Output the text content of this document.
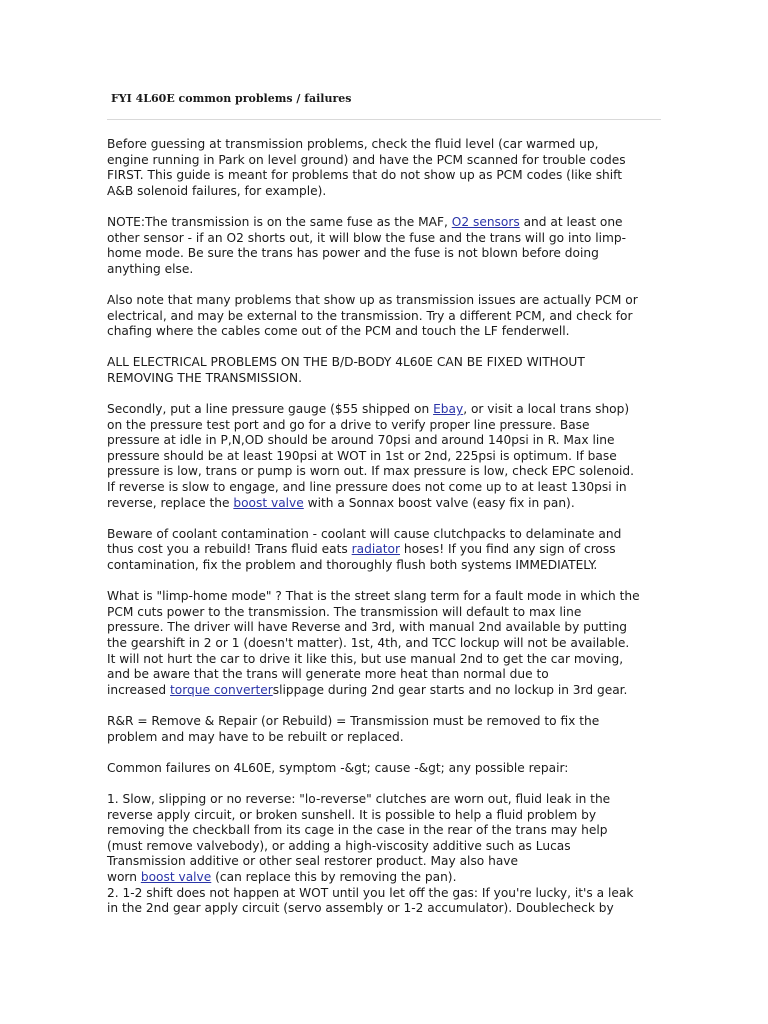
FYI 4L60E common problems / failures

Before guessing at transmission problems, check the fluid level (car warmed up,
engine running in Park on level ground) and have the PCM scanned for trouble codes
FIRST. This guide is meant for problems that do not show up as PCM codes (like shift
A&B solenoid failures, for example).

NOTE:The transmission is on the same fuse as the MAF, O2 sensors and at least one
other sensor - if an O2 shorts out, it will blow the fuse and the trans will go into limp-
home mode. Be sure the trans has power and the fuse is not blown before doing
anything else.

Also note that many problems that show up as transmission issues are actually PCM or
electrical, and may be external to the transmission. Try a different PCM, and check for
chafing where the cables come out of the PCM and touch the LF fenderwell.

ALL ELECTRICAL PROBLEMS ON THE B/D-BODY 4L60E CAN BE FIXED WITHOUT
REMOVING THE TRANSMISSION.

Secondly, put a line pressure gauge ($55 shipped on Ebay, or visit a local trans shop)
on the pressure test port and go for a drive to verify proper line pressure. Base
pressure at idle in P,N,OD should be around 70psi and around 140psi in R. Max line
pressure should be at least 190psi at WOT in 1st or 2nd, 225psi is optimum. If base
pressure is low, trans or pump is worn out. If max pressure is low, check EPC solenoid.
If reverse is slow to engage, and line pressure does not come up to at least 130psi in
reverse, replace the boost valve with a Sonnax boost valve (easy fix in pan).

Beware of coolant contamination - coolant will cause clutchpacks to delaminate and
thus cost you a rebuild! Trans fluid eats radiator hoses! If you find any sign of cross
contamination, fix the problem and thoroughly flush both systems IMMEDIATELY.

What is "limp-home mode" ? That is the street slang term for a fault mode in which the
PCM cuts power to the transmission. The transmission will default to max line
pressure. The driver will have Reverse and 3rd, with manual 2nd available by putting
the gearshift in 2 or 1 (doesn't matter). 1st, 4th, and TCC lockup will not be available.
It will not hurt the car to drive it like this, but use manual 2nd to get the car moving,
and be aware that the trans will generate more heat than normal due to
increased torque converterslippage during 2nd gear starts and no lockup in 3rd gear.

R&R = Remove & Repair (or Rebuild) = Transmission must be removed to fix the
problem and may have to be rebuilt or replaced.

Common failures on 4L60E, symptom -&gt; cause -&gt; any possible repair:

1. Slow, slipping or no reverse: "lo-reverse" clutches are worn out, fluid leak in the
reverse apply circuit, or broken sunshell. It is possible to help a fluid problem by
removing the checkball from its cage in the case in the rear of the trans may help
(must remove valvebody), or adding a high-viscosity additive such as Lucas
Transmission additive or other seal restorer product. May also have
worn boost valve (can replace this by removing the pan).

2. 1-2 shift does not happen at WOT until you let off the gas: If you're lucky, it's a leak
in the 2nd gear apply circuit (servo assembly or 1-2 accumulator). Doublecheck by
